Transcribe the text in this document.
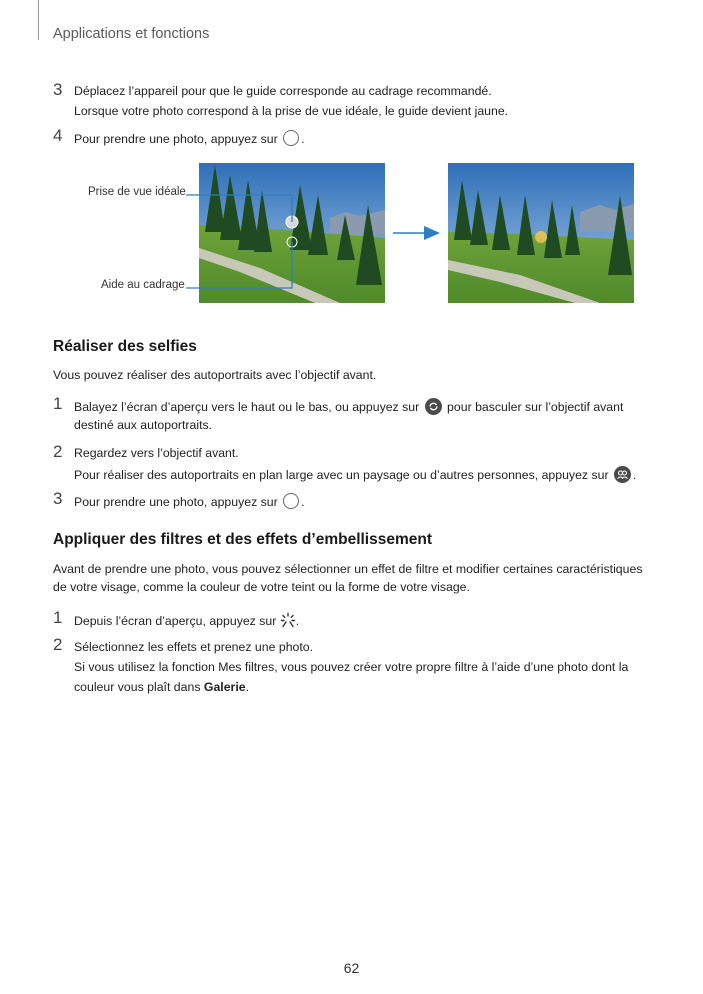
Applications et fonctions
3 Déplacez l’appareil pour que le guide corresponde au cadrage recommandé.
Lorsque votre photo correspond à la prise de vue idéale, le guide devient jaune.
4 Pour prendre une photo, appuyez sur .
Prise de vue idéale
Aide au cadrage
Réaliser des selfies
Vous pouvez réaliser des autoportraits avec l’objectif avant.
1 Balayez l’écran d’aperçu vers le haut ou le bas, ou appuyez sur pour basculer sur l’objectif avant
destiné aux autoportraits.
2 Regardez vers l’objectif avant.
Pour réaliser des autoportraits en plan large avec un paysage ou d’autres personnes, appuyez sur .
3 Pour prendre une photo, appuyez sur .
Appliquer des filtres et des effets d’embellissement
Avant de prendre une photo, vous pouvez sélectionner un effet de filtre et modifier certaines caractéristiques
de votre visage, comme la couleur de votre teint ou la forme de votre visage.
1 Depuis l’écran d’aperçu, appuyez sur .
2 Sélectionnez les effets et prenez une photo.
Si vous utilisez la fonction Mes filtres, vous pouvez créer votre propre filtre à l’aide d’une photo dont la
couleur vous plaît dans Galerie.
62
